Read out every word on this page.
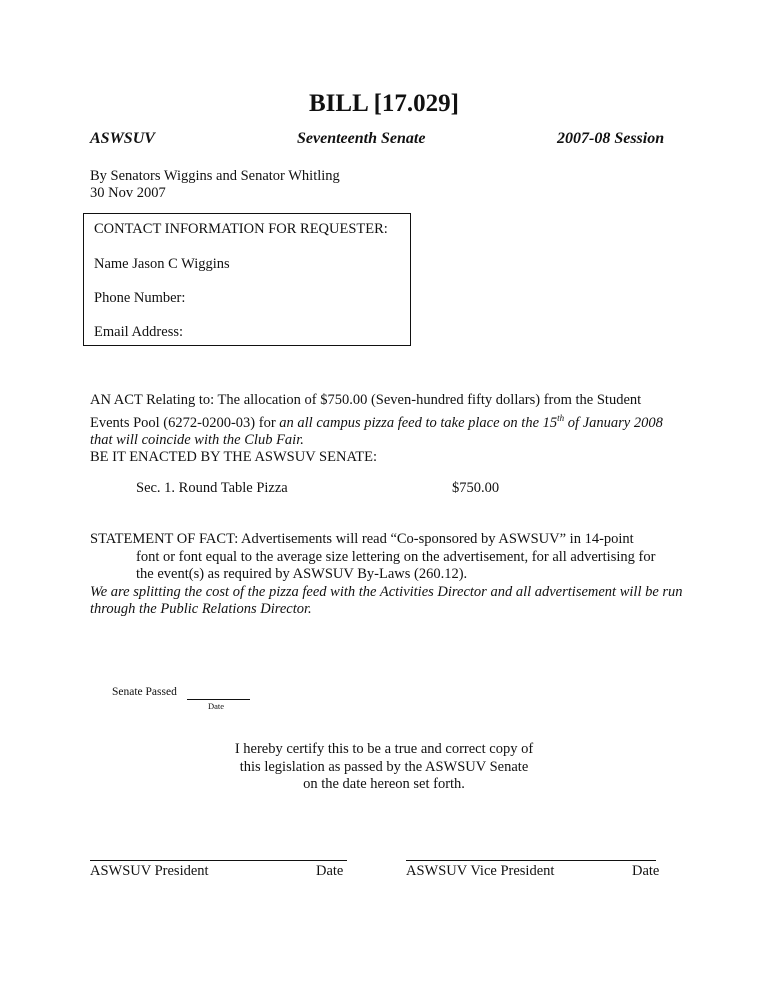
BILL [17.029]
ASWSUV	Seventeenth Senate	2007-08 Session
By Senators Wiggins and Senator Whitling
30 Nov 2007
CONTACT INFORMATION FOR REQUESTER:
Name Jason C Wiggins
Phone Number:
Email Address:
AN ACT Relating to: The allocation of $750.00 (Seven-hundred fifty dollars) from the Student Events Pool (6272-0200-03) for an all campus pizza feed to take place on the 15th of January 2008 that will coincide with the Club Fair.
BE IT ENACTED BY THE ASWSUV SENATE:
Sec. 1. Round Table Pizza	$750.00
STATEMENT OF FACT: Advertisements will read “Co-sponsored by ASWSUV” in 14-point

font or font equal to the average size lettering on the advertisement, for all advertising for
the event(s) as required by ASWSUV By-Laws (260.12).
We are splitting the cost of the pizza feed with the Activities Director and all advertisement will be run through the Public Relations Director.
Senate Passed
Date
I hereby certify this to be a true and correct copy of
this legislation as passed by the ASWSUV Senate
on the date hereon set forth.
ASWSUV President	Date	ASWSUV Vice President	Date
